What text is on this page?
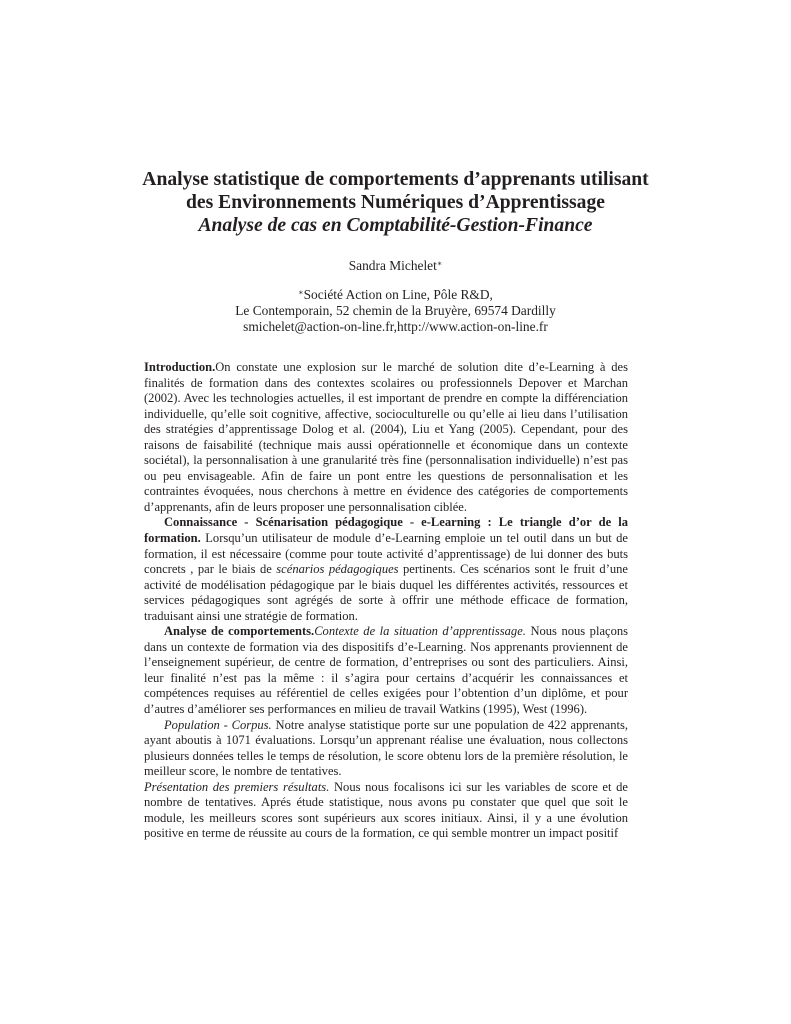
Analyse statistique de comportements d’apprenants utilisant

des Environnements Numériques d’Apprentissage

Analyse de cas en Comptabilité-Gestion-Finance

Sandra Michelet∗
∗Société Action on Line, Pôle R&D,
Le Contemporain, 52 chemin de la Bruyère, 69574 Dardilly
smichelet@action-on-line.fr,http://www.action-on-line.fr

Introduction.On constate une explosion sur le marché de solution dite d’e-Learning à des finalités de formation dans des contextes scolaires ou professionnels Depover et Marchan (2002). Avec les technologies actuelles, il est important de prendre en compte la différenciation individuelle, qu’elle soit cognitive, affective, socioculturelle ou qu’elle ai lieu dans l’utilisation des stratégies d’apprentissage Dolog et al. (2004), Liu et Yang (2005). Cependant, pour des raisons de faisabilité (technique mais aussi opérationnelle et économique dans un contexte sociétal), la personnalisation à une granularité très fine (personnalisation individuelle) n’est pas ou peu envisageable. Afin de faire un pont entre les questions de personnalisation et les contraintes évoquées, nous cherchons à mettre en évidence des catégories de comportements d’apprenants, afin de leurs proposer une personnalisation ciblée.

Connaissance - Scénarisation pédagogique - e-Learning : Le triangle d’or de la formation. Lorsqu’un utilisateur de module d’e-Learning emploie un tel outil dans un but de formation, il est nécessaire (comme pour toute activité d’apprentissage) de lui donner des buts concrets , par le biais de scénarios pédagogiques pertinents. Ces scénarios sont le fruit d’une activité de modélisation pédagogique par le biais duquel les différentes activités, ressources et services pédagogiques sont agrégés de sorte à offrir une méthode efficace de formation, traduisant ainsi une stratégie de formation.

Analyse de comportements.Contexte de la situation d’apprentissage. Nous nous plaçons dans un contexte de formation via des dispositifs d’e-Learning. Nos apprenants proviennent de l’enseignement supérieur, de centre de formation, d’entreprises ou sont des particuliers. Ainsi, leur finalité n’est pas la même : il s’agira pour certains d’acquérir les connaissances et compétences requises au référentiel de celles exigées pour l’obtention d’un diplôme, et pour d’autres d’améliorer ses performances en milieu de travail Watkins (1995), West (1996).

Population - Corpus. Notre analyse statistique porte sur une population de 422 apprenants, ayant aboutis à 1071 évaluations. Lorsqu’un apprenant réalise une évaluation, nous collectons plusieurs données telles le temps de résolution, le score obtenu lors de la première résolution, le meilleur score, le nombre de tentatives.

Présentation des premiers résultats. Nous nous focalisons ici sur les variables de score et de nombre de tentatives. Aprés étude statistique, nous avons pu constater que quel que soit le module, les meilleurs scores sont supérieurs aux scores initiaux. Ainsi, il y a une évolution positive en terme de réussite au cours de la formation, ce qui semble montrer un impact positif
